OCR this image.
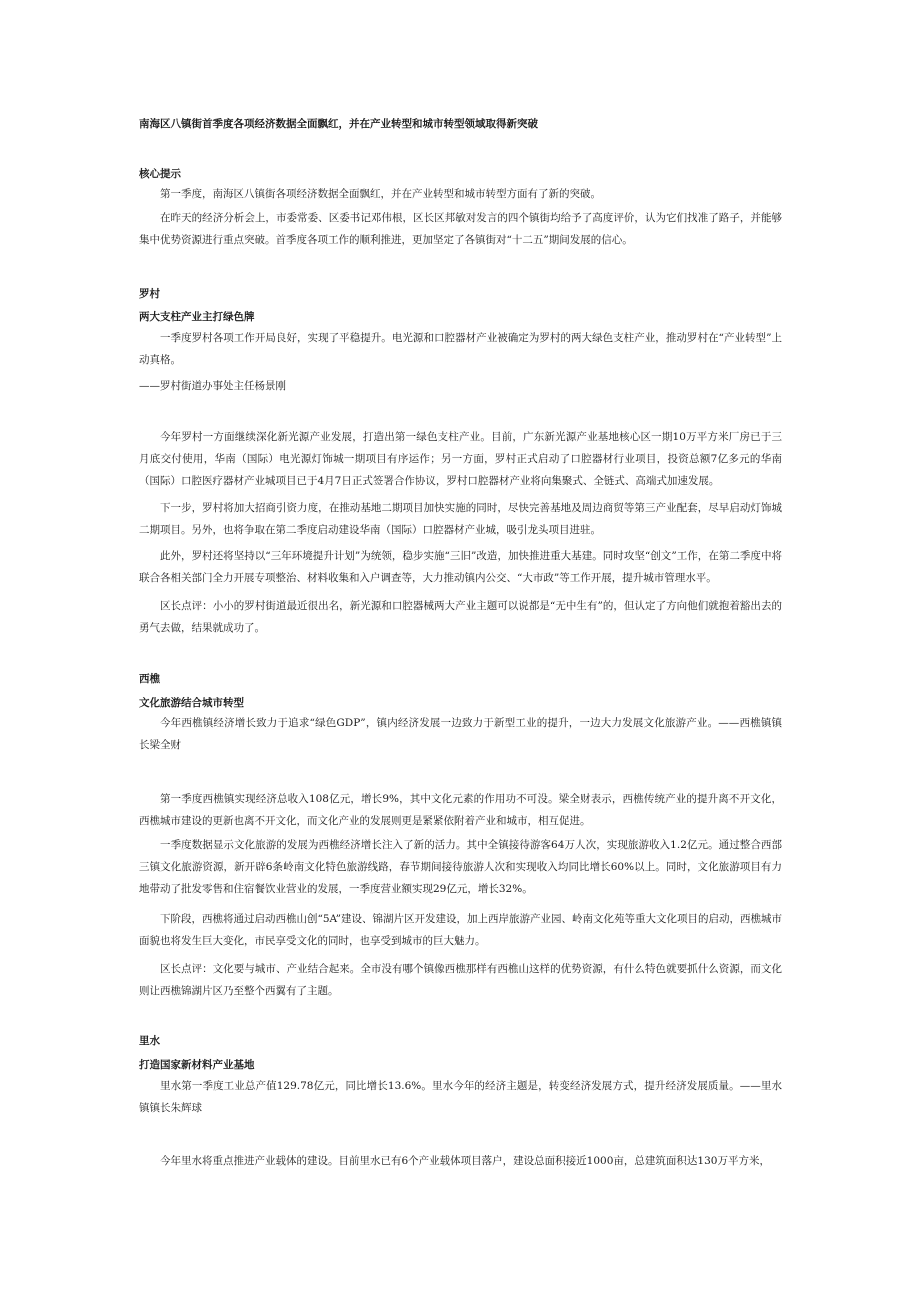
南海区八镇街首季度各项经济数据全面飘红，并在产业转型和城市转型领域取得新突破
核心提示
第一季度，南海区八镇街各项经济数据全面飘红，并在产业转型和城市转型方面有了新的突破。
在昨天的经济分析会上，市委常委、区委书记邓伟根，区长区邦敏对发言的四个镇街均给予了高度评价，认为它们找准了路子，并能够集中优势资源进行重点突破。首季度各项工作的顺利推进，更加坚定了各镇街对“十二五”期间发展的信心。
罗村
两大支柱产业主打绿色牌
一季度罗村各项工作开局良好，实现了平稳提升。电光源和口腔器材产业被确定为罗村的两大绿色支柱产业，推动罗村在“产业转型”上动真格。
——罗村街道办事处主任杨景刚
今年罗村一方面继续深化新光源产业发展，打造出第一绿色支柱产业。目前，广东新光源产业基地核心区一期10万平方米厂房已于三月底交付使用，华南（国际）电光源灯饰城一期项目有序运作；另一方面，罗村正式启动了口腔器材行业项目，投资总额7亿多元的华南（国际）口腔医疗器材产业城项目已于4月7日正式签署合作协议，罗村口腔器材产业将向集聚式、全链式、高端式加速发展。
下一步，罗村将加大招商引资力度，在推动基地二期项目加快实施的同时，尽快完善基地及周边商贸等第三产业配套，尽早启动灯饰城二期项目。另外，也将争取在第二季度启动建设华南（国际）口腔器材产业城，吸引龙头项目进驻。
此外，罗村还将坚持以“三年环境提升计划”为统领，稳步实施“三旧”改造，加快推进重大基建。同时攻坚“创文”工作，在第二季度中将联合各相关部门全力开展专项整治、材料收集和入户调查等，大力推动镇内公交、“大市政”等工作开展，提升城市管理水平。
区长点评：小小的罗村街道最近很出名，新光源和口腔器械两大产业主题可以说都是“无中生有”的，但认定了方向他们就抱着豁出去的勇气去做，结果就成功了。
西樵
文化旅游结合城市转型
今年西樵镇经济增长致力于追求“绿色GDP”，镇内经济发展一边致力于新型工业的提升，一边大力发展文化旅游产业。——西樵镇镇长梁全财
第一季度西樵镇实现经济总收入108亿元，增长9%，其中文化元素的作用功不可没。梁全财表示，西樵传统产业的提升离不开文化，西樵城市建设的更新也离不开文化，而文化产业的发展则更是紧紧依附着产业和城市，相互促进。
一季度数据显示文化旅游的发展为西樵经济增长注入了新的活力。其中全镇接待游客64万人次，实现旅游收入1.2亿元。通过整合西部三镇文化旅游资源，新开辟6条岭南文化特色旅游线路，春节期间接待旅游人次和实现收入均同比增长60%以上。同时，文化旅游项目有力地带动了批发零售和住宿餐饮业营业的发展，一季度营业额实现29亿元，增长32%。
下阶段，西樵将通过启动西樵山创“5A”建设、锦湖片区开发建设，加上西岸旅游产业园、岭南文化苑等重大文化项目的启动，西樵城市面貌也将发生巨大变化，市民享受文化的同时，也享受到城市的巨大魅力。
区长点评：文化要与城市、产业结合起来。全市没有哪个镇像西樵那样有西樵山这样的优势资源，有什么特色就要抓什么资源，而文化则让西樵锦湖片区乃至整个西翼有了主题。
里水
打造国家新材料产业基地
里水第一季度工业总产值129.78亿元，同比增长13.6%。里水今年的经济主题是，转变经济发展方式，提升经济发展质量。——里水镇镇长朱辉球
今年里水将重点推进产业载体的建设。目前里水已有6个产业载体项目落户，建设总面积接近1000亩，总建筑面积达130万平方米，
